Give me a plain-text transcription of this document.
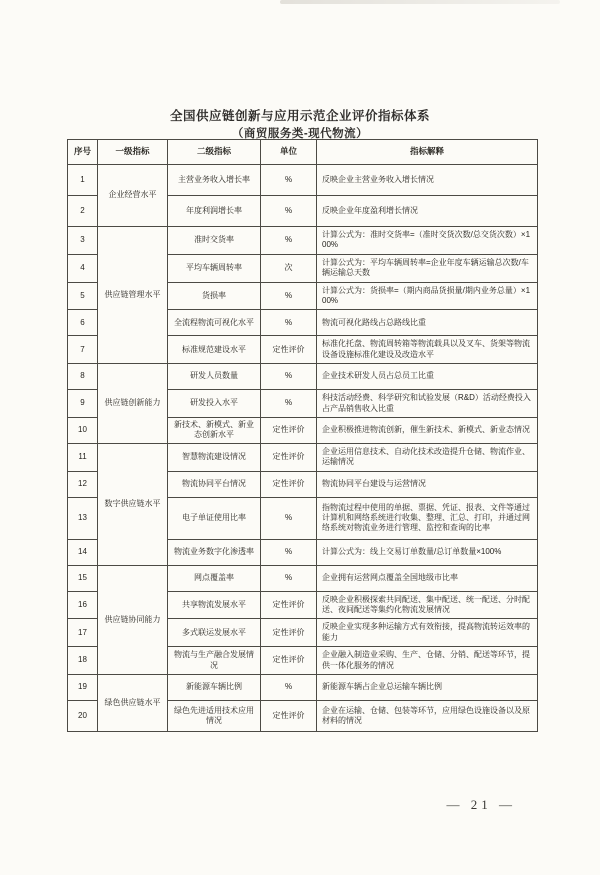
全国供应链创新与应用示范企业评价指标体系
（商贸服务类-现代物流）
序号	一级指标	二级指标	单位	指标解释
1	企业经营水平	主营业务收入增长率	%	反映企业主营业务收入增长情况
2		年度利润增长率	%	反映企业年度盈利增长情况
3	供应链管理水平	准时交货率	%	计算公式为：准时交货率=（准时交货次数/总交货次数）×100%
4		平均车辆周转率	次	计算公式为：平均车辆周转率=企业年度车辆运输总次数/车辆运输总天数
5		货损率	%	计算公式为：货损率=（期内商品货损量/期内业务总量）×100%
6		全流程物流可视化水平	%	物流可视化路线占总路线比重
7		标准规范建设水平	定性评价	标准化托盘、物流周转箱等物流载具以及叉车、货架等物流设备设施标准化建设及改造水平
8	供应链创新能力	研发人员数量	%	企业技术研发人员占总员工比重
9		研发投入水平	%	科技活动经费、科学研究和试验发展（R&D）活动经费投入占产品销售收入比重
10		新技术、新模式、新业态创新水平	定性评价	企业积极推进物流创新，催生新技术、新模式、新业态情况
11	数字供应链水平	智慧物流建设情况	定性评价	企业运用信息技术、自动化技术改造提升仓储、物流作业、运输情况
12		物流协同平台情况	定性评价	物流协同平台建设与运营情况
13		电子单证使用比率	%	指物流过程中使用的单据、票据、凭证、报表、文件等通过计算机和网络系统进行收集、整理、汇总、打印，并通过网络系统对物流业务进行管理、监控和查询的比率
14		物流业务数字化渗透率	%	计算公式为：线上交易订单数量/总订单数量×100%
15	供应链协同能力	网点覆盖率	%	企业拥有运营网点覆盖全国地级市比率
16		共享物流发展水平	定性评价	反映企业积极探索共同配送、集中配送、统一配送、分时配送、夜间配送等集约化物流发展情况
17		多式联运发展水平	定性评价	反映企业实现多种运输方式有效衔接，提高物流转运效率的能力
18		物流与生产融合发展情况	定性评价	企业融入制造业采购、生产、仓储、分销、配送等环节，提供一体化服务的情况
19	绿色供应链水平	新能源车辆比例	%	新能源车辆占企业总运输车辆比例
20		绿色先进适用技术应用情况	定性评价	企业在运输、仓储、包装等环节，应用绿色设施设备以及原材料的情况
— 21 —
